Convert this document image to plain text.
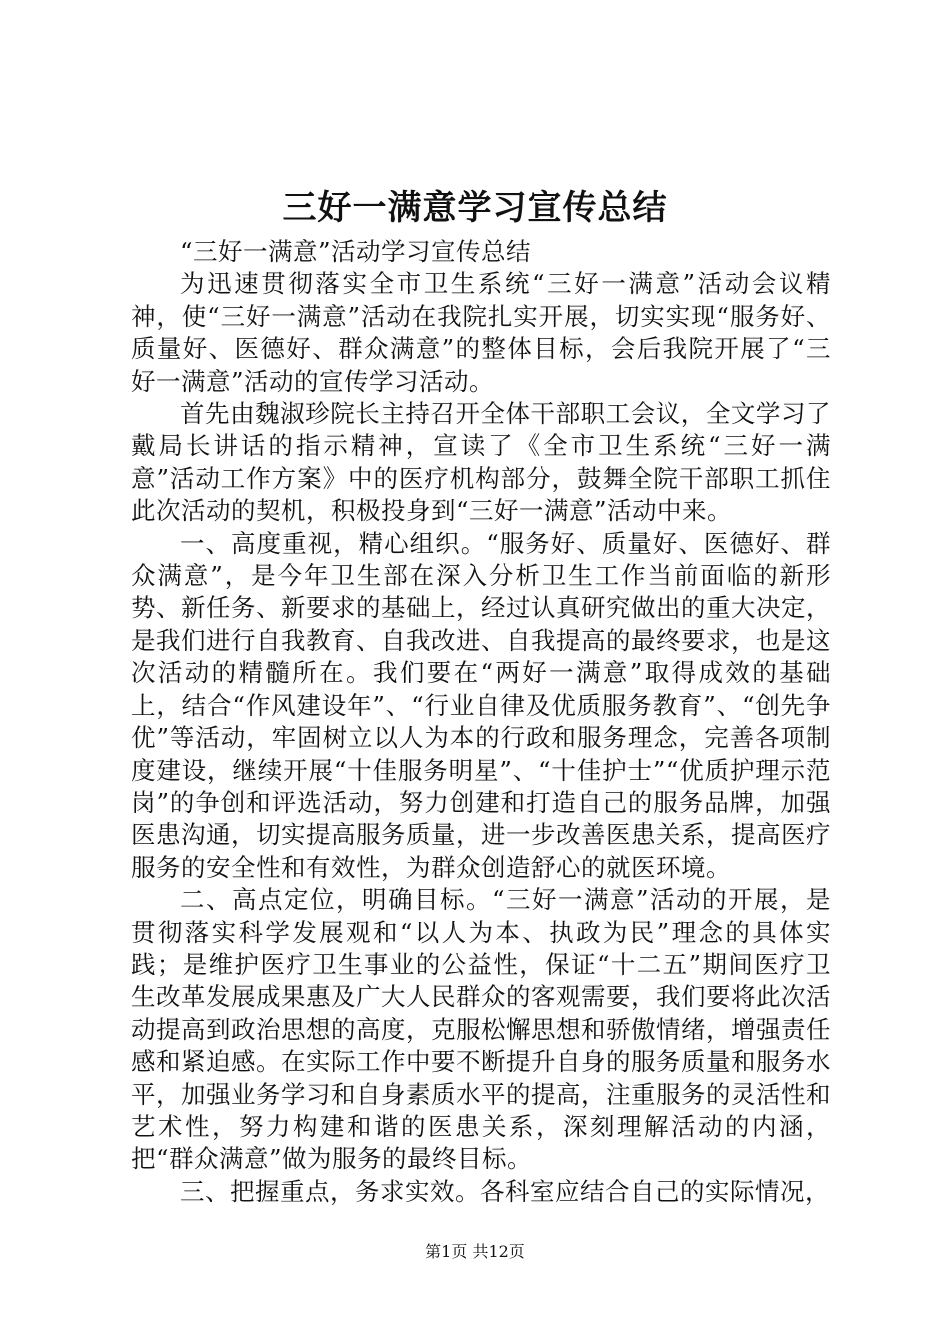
三好一满意学习宣传总结

“三好一满意”活动学习宣传总结

为迅速贯彻落实全市卫生系统“三好一满意”活动会议精神，使“三好一满意”活动在我院扎实开展，切实实现“服务好、质量好、医德好、群众满意”的整体目标，会后我院开展了“三好一满意”活动的宣传学习活动。

首先由魏淑珍院长主持召开全体干部职工会议，全文学习了戴局长讲话的指示精神，宣读了《全市卫生系统“三好一满意”活动工作方案》中的医疗机构部分，鼓舞全院干部职工抓住此次活动的契机，积极投身到“三好一满意”活动中来。

一、高度重视，精心组织。“服务好、质量好、医德好、群众满意”，是今年卫生部在深入分析卫生工作当前面临的新形势、新任务、新要求的基础上，经过认真研究做出的重大决定，是我们进行自我教育、自我改进、自我提高的最终要求，也是这次活动的精髓所在。我们要在“两好一满意”取得成效的基础上，结合“作风建设年”、“行业自律及优质服务教育”、“创先争优”等活动，牢固树立以人为本的行政和服务理念，完善各项制度建设，继续开展“十佳服务明星”、“十佳护士”“优质护理示范岗”的争创和评选活动，努力创建和打造自己的服务品牌，加强医患沟通，切实提高服务质量，进一步改善医患关系，提高医疗服务的安全性和有效性，为群众创造舒心的就医环境。

二、高点定位，明确目标。“三好一满意”活动的开展，是贯彻落实科学发展观和“以人为本、执政为民”理念的具体实践；是维护医疗卫生事业的公益性，保证“十二五”期间医疗卫生改革发展成果惠及广大人民群众的客观需要，我们要将此次活动提高到政治思想的高度，克服松懈思想和骄傲情绪，增强责任感和紧迫感。在实际工作中要不断提升自身的服务质量和服务水平，加强业务学习和自身素质水平的提高，注重服务的灵活性和艺术性，努力构建和谐的医患关系，深刻理解活动的内涵，把“群众满意”做为服务的最终目标。

三、把握重点，务求实效。各科室应结合自己的实际情况，

第1页 共12页
